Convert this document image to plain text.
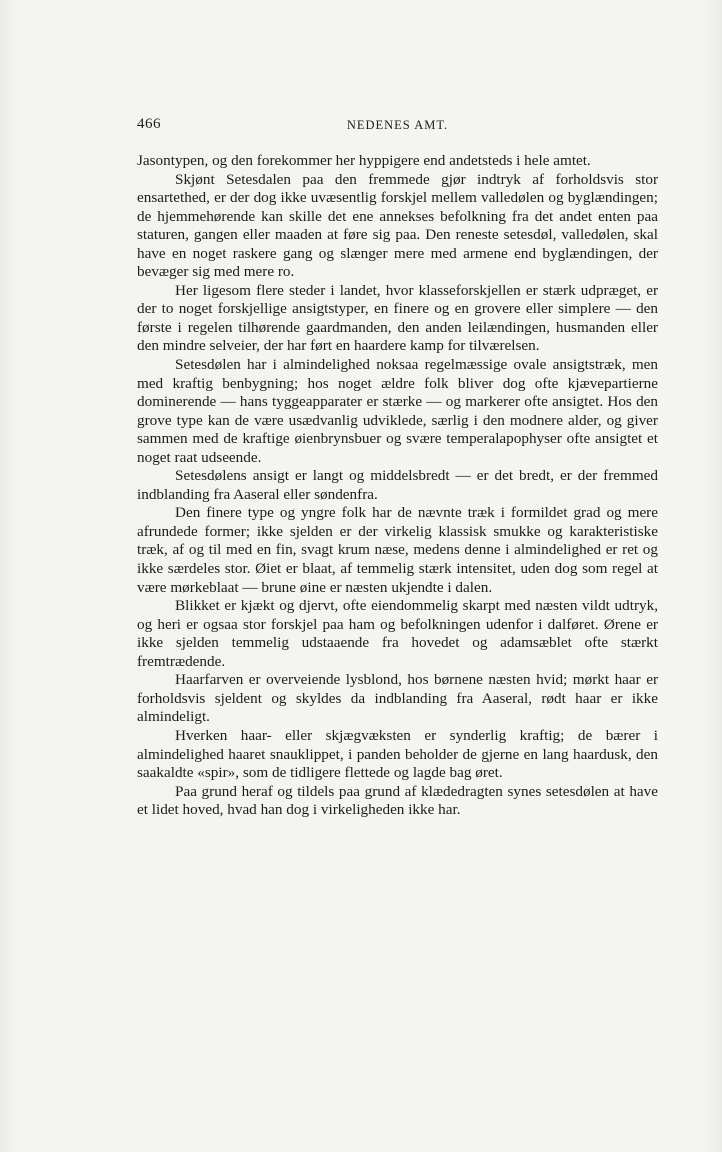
466	NEDENES AMT.

Jasontypen, og den forekommer her hyppigere end andetsteds i hele amtet.

Skjønt Setesdalen paa den fremmede gjør indtryk af forholdsvis stor ensartethed, er der dog ikke uvæsentlig forskjel mellem valledølen og byglændingen; de hjemmehørende kan skille det ene annekses befolkning fra det andet enten paa staturen, gangen eller maaden at føre sig paa. Den reneste setesdøl, valledølen, skal have en noget raskere gang og slænger mere med armene end byglændingen, der bevæger sig med mere ro.

Her ligesom flere steder i landet, hvor klasseforskjellen er stærk udpræget, er der to noget forskjellige ansigtstyper, en finere og en grovere eller simplere — den første i regelen tilhørende gaardmanden, den anden leilændingen, husmanden eller den mindre selveier, der har ført en haardere kamp for tilværelsen.

Setesdølen har i almindelighed noksaa regelmæssige ovale ansigtstræk, men med kraftig benbygning; hos noget ældre folk bliver dog ofte kjævepartierne dominerende — hans tyggeapparater er stærke — og markerer ofte ansigtet. Hos den grove type kan de være usædvanlig udviklede, særlig i den modnere alder, og giver sammen med de kraftige øienbrynsbuer og svære temperalapophyser ofte ansigtet et noget raat udseende.

Setesdølens ansigt er langt og middelsbredt — er det bredt, er der fremmed indblanding fra Aaseral eller søndenfra.

Den finere type og yngre folk har de nævnte træk i formildet grad og mere afrundede former; ikke sjelden er der virkelig klassisk smukke og karakteristiske træk, af og til med en fin, svagt krum næse, medens denne i almindelighed er ret og ikke særdeles stor. Øiet er blaat, af temmelig stærk intensitet, uden dog som regel at være mørkeblaat — brune øine er næsten ukjendte i dalen.

Blikket er kjækt og djervt, ofte eiendommelig skarpt med næsten vildt udtryk, og heri er ogsaa stor forskjel paa ham og befolkningen udenfor i dalføret. Ørene er ikke sjelden temmelig udstaaende fra hovedet og adamsæblet ofte stærkt fremtrædende.

Haarfarven er overveiende lysblond, hos børnene næsten hvid; mørkt haar er forholdsvis sjeldent og skyldes da indblanding fra Aaseral, rødt haar er ikke almindeligt.

Hverken haar- eller skjægvæksten er synderlig kraftig; de bærer i almindelighed haaret snauklippet, i panden beholder de gjerne en lang haardusk, den saakaldte «spir», som de tidligere flettede og lagde bag øret.

Paa grund heraf og tildels paa grund af klædedragten synes setesdølen at have et lidet hoved, hvad han dog i virkeligheden ikke har.
